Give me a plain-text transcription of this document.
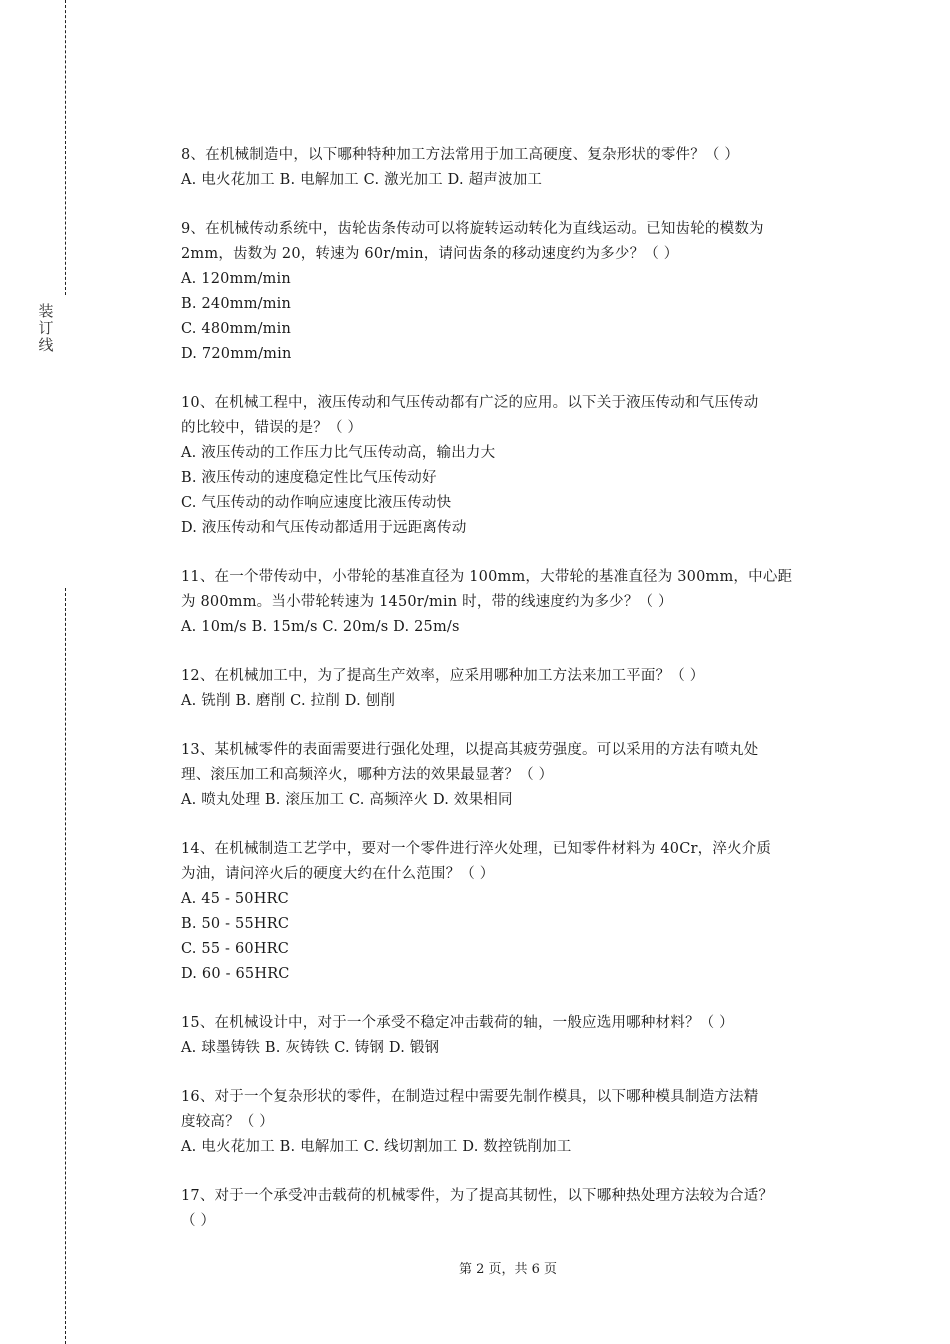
装
订
线
8、在机械制造中，以下哪种特种加工方法常用于加工高硬度、复杂形状的零件？（ ）
A. 电火花加工 B. 电解加工 C. 激光加工 D. 超声波加工
9、在机械传动系统中，齿轮齿条传动可以将旋转运动转化为直线运动。已知齿轮的模数为
2mm，齿数为 20，转速为 60r/min，请问齿条的移动速度约为多少？（ ）
A. 120mm/min
B. 240mm/min
C. 480mm/min
D. 720mm/min
10、在机械工程中，液压传动和气压传动都有广泛的应用。以下关于液压传动和气压传动
的比较中，错误的是？（ ）
A. 液压传动的工作压力比气压传动高，输出力大
B. 液压传动的速度稳定性比气压传动好
C. 气压传动的动作响应速度比液压传动快
D. 液压传动和气压传动都适用于远距离传动
11、在一个带传动中，小带轮的基准直径为 100mm，大带轮的基准直径为 300mm，中心距
为 800mm。当小带轮转速为 1450r/min 时，带的线速度约为多少？（ ）
A. 10m/s B. 15m/s C. 20m/s D. 25m/s
12、在机械加工中，为了提高生产效率，应采用哪种加工方法来加工平面？（ ）
A. 铣削 B. 磨削 C. 拉削 D. 刨削
13、某机械零件的表面需要进行强化处理，以提高其疲劳强度。可以采用的方法有喷丸处
理、滚压加工和高频淬火，哪种方法的效果最显著？（ ）
A. 喷丸处理 B. 滚压加工 C. 高频淬火 D. 效果相同
14、在机械制造工艺学中，要对一个零件进行淬火处理，已知零件材料为 40Cr，淬火介质
为油，请问淬火后的硬度大约在什么范围？（ ）
A. 45 - 50HRC
B. 50 - 55HRC
C. 55 - 60HRC
D. 60 - 65HRC
15、在机械设计中，对于一个承受不稳定冲击载荷的轴，一般应选用哪种材料？（ ）
A. 球墨铸铁 B. 灰铸铁 C. 铸钢 D. 锻钢
16、对于一个复杂形状的零件，在制造过程中需要先制作模具，以下哪种模具制造方法精
度较高？（ ）
A. 电火花加工 B. 电解加工 C. 线切割加工 D. 数控铣削加工
17、对于一个承受冲击载荷的机械零件，为了提高其韧性，以下哪种热处理方法较为合适？
（ ）
第 2 页，共 6 页
